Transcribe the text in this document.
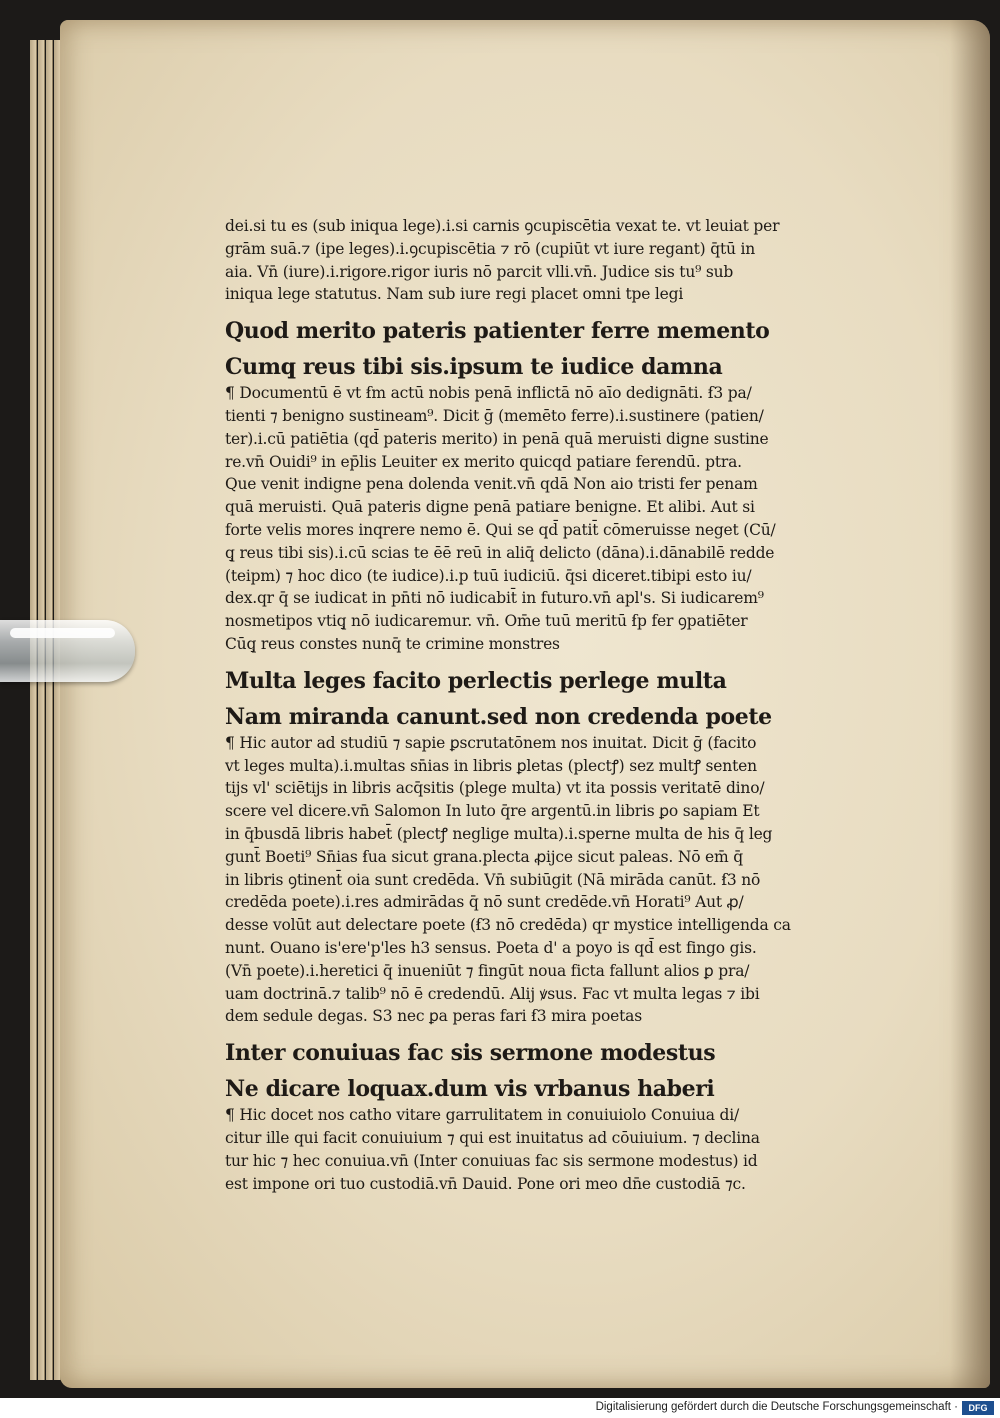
dei.si tu es (sub iniqua lege).i.si carnis ꝯcupiscētia vexat te. vt leuiat per
grām suā.⁊ (ipe leges).i.ꝯcupiscētia ⁊ rō (cupiūt vt iure regant) q̄tū in
aia. Vn̄ (iure).i.rigore.rigor iuris nō parcit vlli.vn̄. Judice sis tu⁹ sub
iniqua lege statutus. Nam sub iure regi placet omni tpe legi
Quod merito pateris patienter ferre memento
Cumq̧ reus tibi sis.ipsum te iudice damna
¶ Documentū ē vt ẜm actū nobis penā inflictā nō aīo dedignāti. ẜ3 pa/
tienti ⁊ benigno sustineam⁹. Dicit ḡ (memēto ferre).i.sustinere (patien/
ter).i.cū patiētia (qd̄ pateris merito) in penā quā meruisti digne sustine
re.vn̄ Ouidi⁹ in ep̄lis Leuiter ex merito quicqd patiare ferendū. ptra.
Que venit indigne pena dolenda venit.vn̄ qdā Non aio tristi fer penam
quā meruisti. Quā pateris digne penā patiare benigne. Et alibi. Aut si
forte velis mores inqrere nemo ē. Qui se qd̄ patit̄ cōmeruisse neget (Cū/
q̧ reus tibi sis).i.cū scias te ēē reū in aliq̄ delicto (dāna).i.dānabilē redde
(teipm) ⁊ hoc dico (te iudice).i.p tuū iudiciū. q̄si diceret.tibipi esto iu/
dex.qr q̄ se iudicat in pn̄ti nō iudicabit̄ in futuro.vn̄ apl's. Si iudicarem⁹
nosmetipos vtiq̧ nō iudicaremur. vn̄. Om̄e tuū meritū ẜp fer ꝯpatiēter
Cūq̧ reus constes nunq̄ te crimine monstres
Multa leges facito perlectis perlege multa
Nam miranda canunt.sed non credenda poete
¶ Hic autor ad studiū ⁊ sapie ꝑscrutatōnem nos inuitat. Dicit ḡ (facito
vt leges multa).i.multas sn̄ias in libris ꝑletas (plectꝭ) sez multꝭ senten
tijs vl' sciētijs in libris acq̄sitis (plege multa) vt ita possis veritatē dino/
scere vel dicere.vn̄ Salomon In luto q̄re argentū.in libris ꝑo sapiam Et
in q̄busdā libris habet̄ (plectꝭ neglige multa).i.sperne multa de his q̄ leg
gunt̄ Boeti⁹ Sn̄ias ẜua sicut grana.plecta ꝓijce sicut paleas. Nō em̄ q̄
in libris ꝯtinent̄ oia sunt credēda. Vn̄ subiūgit (Nā mirāda canūt. ẜ3 nō
credēda poete).i.res admirādas q̄ nō sunt credēde.vn̄ Horati⁹ Aut ꝓ/
desse volūt aut delectare poete (ẜ3 nō credēda) qr mystice intelligenda ca
nunt. Ouano is'ere'p'les h3 sensus. Poeta d' a poyo is qd̄ est fingo gis.
(Vn̄ poete).i.heretici q̄ inueniūt ⁊ fingūt noua ficta fallunt alios ꝑ pra/
uam doctrinā.⁊ talib⁹ nō ē credendū. Alij ꝟsus. Fac vt multa legas ⁊ ibi
dem sedule degas. S3 nec ꝑa peras fari ẜ3 mira poetas
Inter conuiuas fac sis sermone modestus
Ne dicare loquax.dum vis vrbanus haberi
¶ Hic docet nos catho vitare garrulitatem in conuiuiolo Conuiua di/
citur ille qui facit conuiuium ⁊ qui est inuitatus ad cōuiuium. ⁊ declina
tur hic ⁊ hec conuiua.vn̄ (Inter conuiuas fac sis sermone modestus) id
est impone ori tuo custodiā.vn̄ Dauid. Pone ori meo dn̄e custodiā ⁊c.
Digitalisierung gefördert durch die Deutsche Forschungsgemeinschaft ·	DFG
